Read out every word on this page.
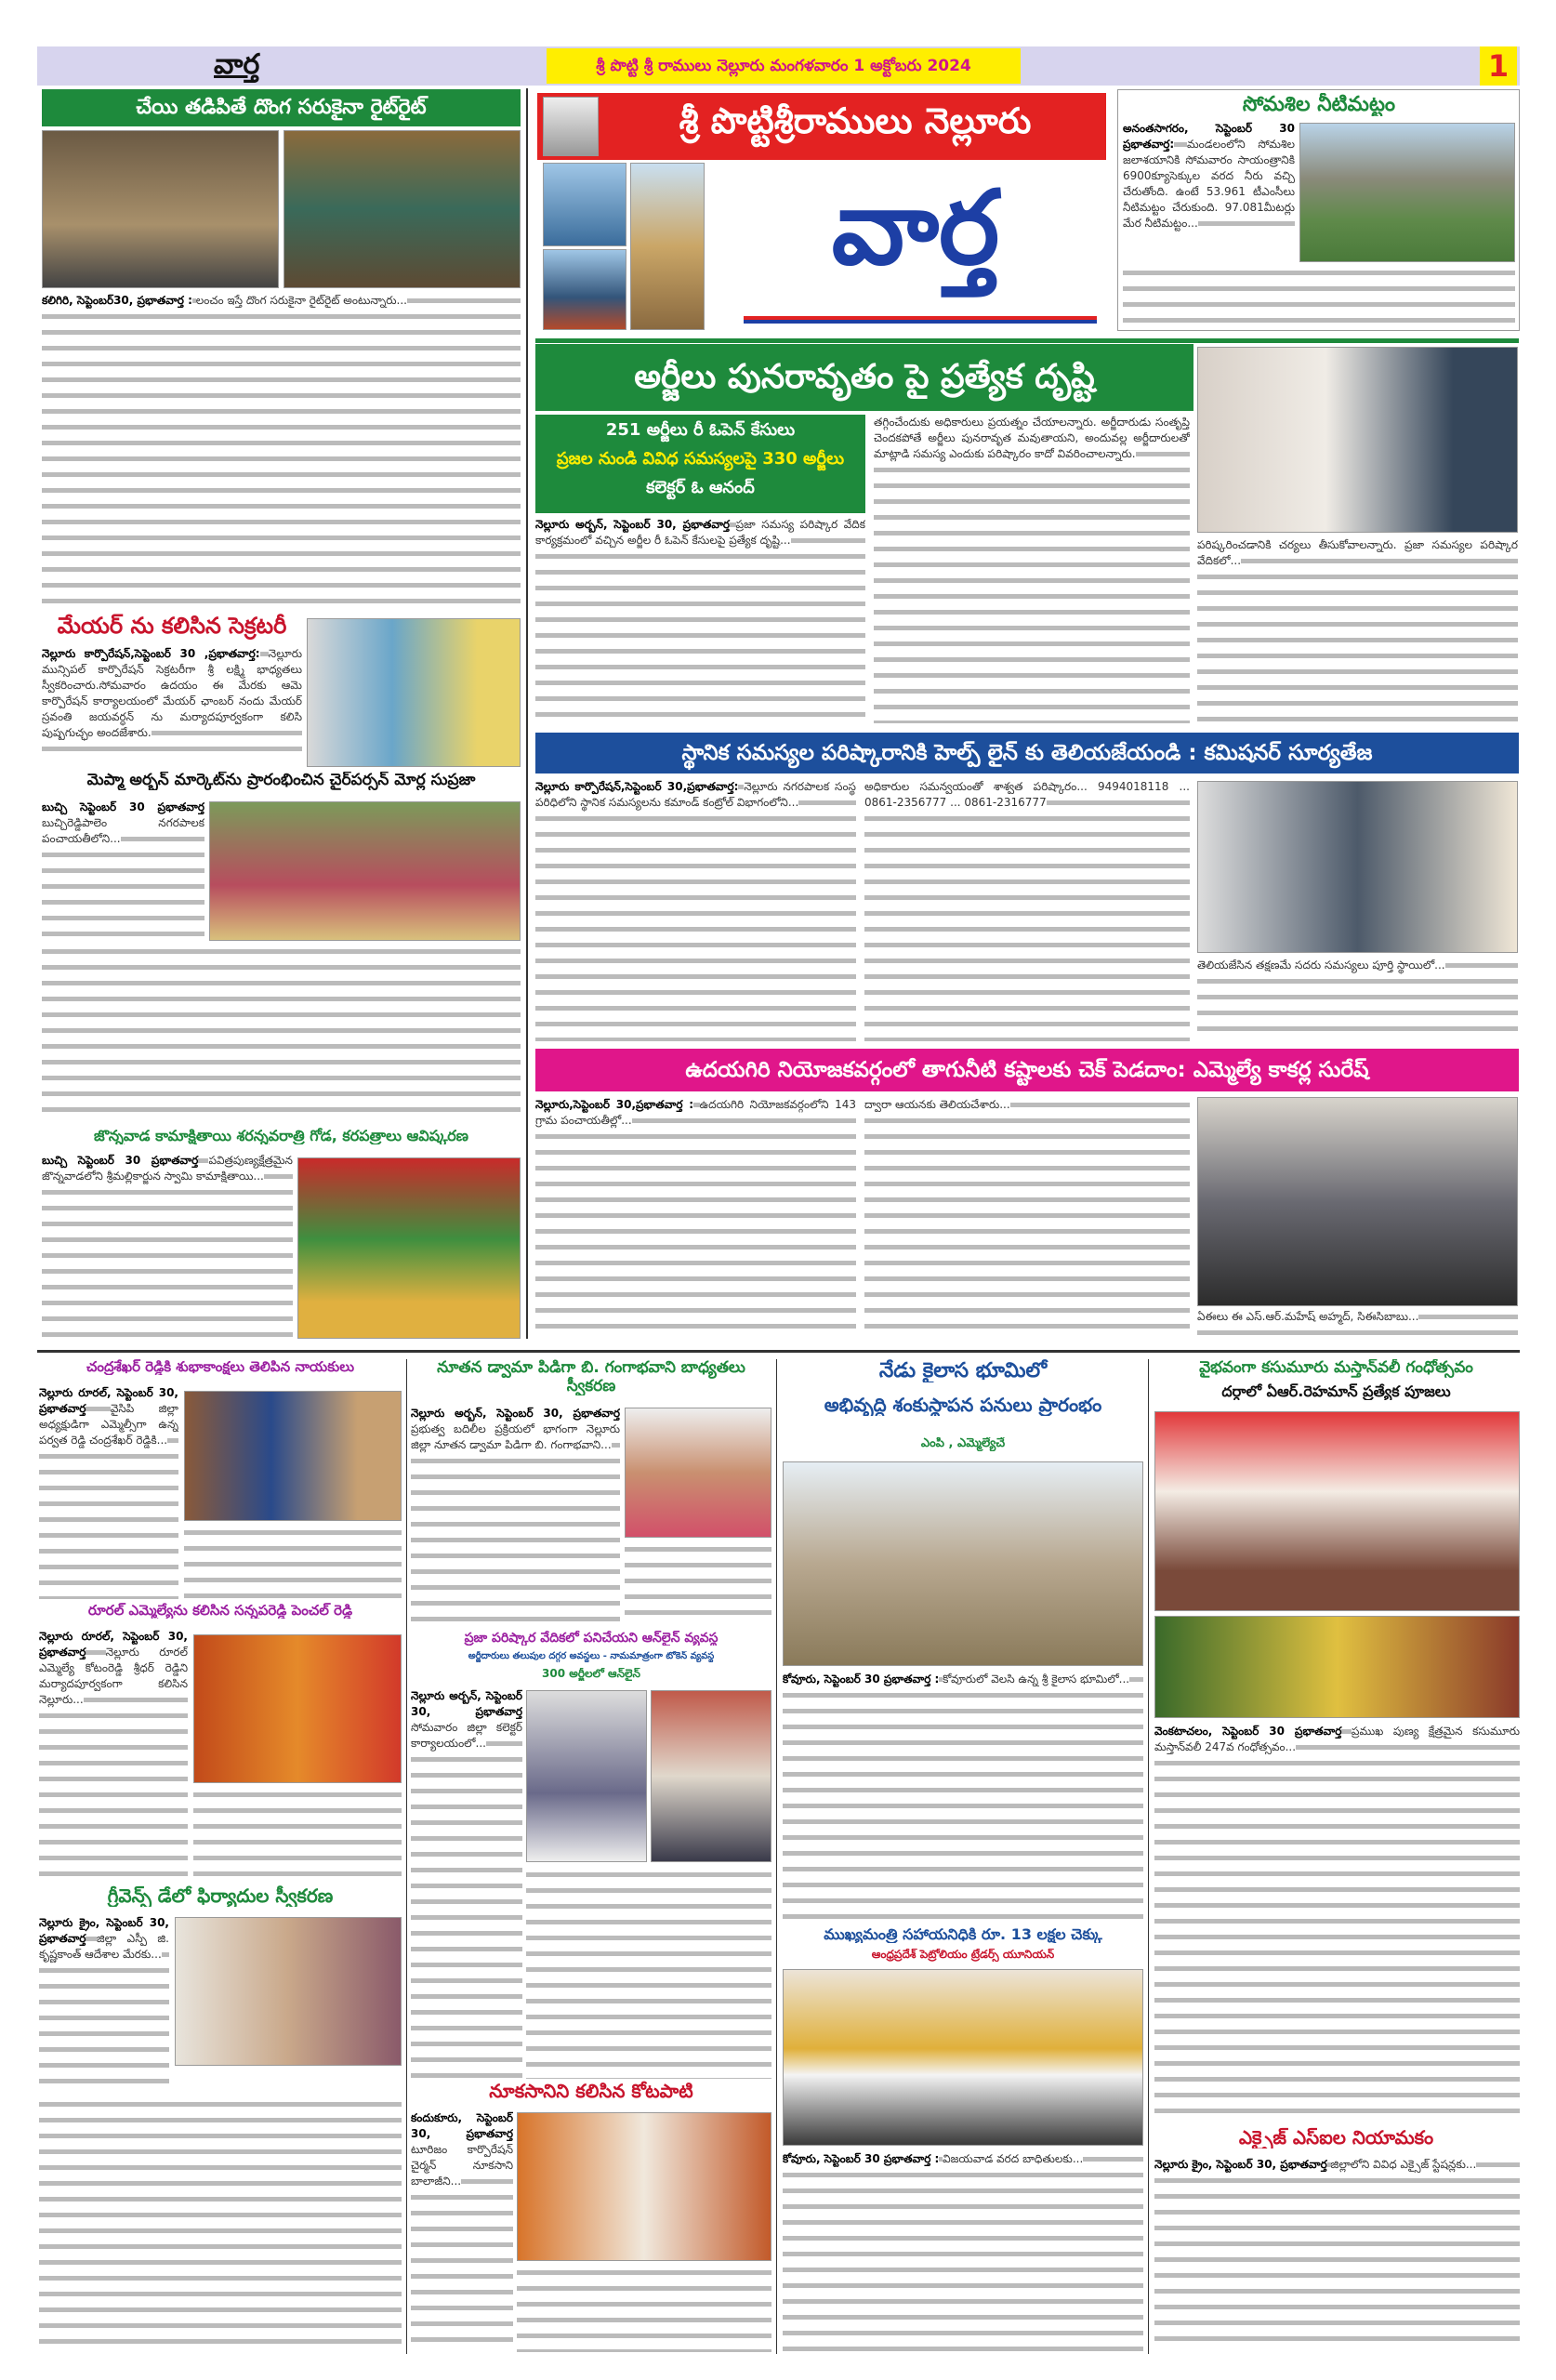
వార్త	శ్రీ పొట్టి శ్రీ రాములు నెల్లూరు మంగళవారం 1 అక్టోబరు 2024	1
చేయి తడిపితే దొంగ సరుకైనా రైట్‌రైట్
కలిగిరి, సెప్టెంబర్30, ప్రభాతవార్త : లంచం ఇస్తే దొంగ సరుకైనా రైట్‌రైట్ అంటున్నారు...
మేయర్ ను కలిసిన సెక్రటరీ
నెల్లూరు కార్పొరేషన్,సెప్టెంబర్ 30 ,ప్రభాతవార్త: నెల్లూరు మున్సిపల్ కార్పొరేషన్ సెక్రటరీగా శ్రీ లక్ష్మి భాధ్యతలు స్వీకరించారు.సోమవారం ఉదయం ఈ మేరకు ఆమె కార్పొరేషన్ కార్యాలయంలో మేయర్ ఛాంబర్ నందు మేయర్ స్రవంతి జయవర్ధన్ ను మర్యాదపూర్వకంగా కలిసి పుష్పగుచ్ఛం అందజేశారు.
మెప్మా అర్బన్ మార్కెట్‌ను ప్రారంభించిన చైర్‌పర్సన్ మోర్ల సుప్రజా
బుచ్చి సెప్టెంబర్ 30 ప్రభాతవార్త బుచ్చిరెడ్డిపాలెం నగరపాలక పంచాయతీలోని...
జొన్నవాడ కామాక్షితాయి శరన్నవరాత్రి గోడ, కరపత్రాలు ఆవిష్కరణ
బుచ్చి సెప్టెంబర్ 30 ప్రభాతవార్త పవిత్రపుణ్యక్షేత్రమైన జొన్నవాడలోని శ్రీమల్లికార్జున స్వామి కామాక్షితాయి...
శ్రీ పొట్టిశ్రీరాములు నెల్లూరు
వార్త
సోమశిల నీటిమట్టం
అనంతసాగరం, సెప్టెంబర్ 30 ప్రభాతవార్త: మండలంలోని సోమశిల జలాశయానికి సోమవారం సాయంత్రానికి 6900క్యూసెక్కుల వరద నీరు వచ్చి చేరుతోంది. ఉంటే 53.961 టీఎంసీలు నీటిమట్టం చేరుకుంది. 97.081మీటర్లు మేర నీటిమట్టం...
అర్జీలు పునరావృతం పై ప్రత్యేక దృష్టి
251 అర్జీలు రీ ఓపెన్ కేసులు
ప్రజల నుండి వివిధ సమస్యలపై 330 అర్జీలు
కలెక్టర్ ఓ ఆనంద్
నెల్లూరు అర్బన్, సెప్టెంబర్ 30, ప్రభాతవార్త ప్రజా సమస్య పరిష్కార వేదిక కార్యక్రమంలో వచ్చిన అర్జీల రీ ఓపెన్ కేసులపై ప్రత్యేక దృష్టి...
తగ్గించేందుకు అధికారులు ప్రయత్నం చేయాలన్నారు. అర్జీదారుడు సంతృప్తి చెందకపోతే అర్జీలు పునరావృత మవుతాయని, అందువల్ల అర్జీదారులతో మాట్లాడి సమస్య ఎందుకు పరిష్కారం కాదో వివరించాలన్నారు.
పరిష్కరించడానికి చర్యలు తీసుకోవాలన్నారు. ప్రజా సమస్యల పరిష్కార వేదికలో...
స్థానిక సమస్యల పరిష్కారానికి హెల్ప్ లైన్ కు తెలియజేయండి : కమిషనర్ సూర్యతేజ
నెల్లూరు కార్పొరేషన్,సెప్టెంబర్ 30,ప్రభాతవార్త: నెల్లూరు నగరపాలక సంస్థ పరిధిలోని స్థానిక సమస్యలను కమాండ్ కంట్రోల్ విభాగంలోని...
అధికారుల సమన్వయంతో శాశ్వత పరిష్కారం... 9494018118 ... 0861-2356777 ... 0861-2316777
తెలియజేసిన తక్షణమే సదరు సమస్యలు పూర్తి స్థాయిలో...
ఉదయగిరి నియోజకవర్గంలో తాగునీటి కష్టాలకు చెక్ పెడదాం: ఎమ్మెల్యే కాకర్ల సురేష్
నెల్లూరు,సెప్టెంబర్ 30,ప్రభాతవార్త : ఉదయగిరి నియోజకవర్గంలోని 143 గ్రామ పంచాయతీల్లో...
ద్వారా ఆయనకు తెలియచేశారు...
ఏఈలు ఈ ఎస్.ఆర్.మహేష్ అహ్మద్, సిఈసిబాబు...
చంద్రశేఖర్ రెడ్డికి శుభాకాంక్షలు తెలిపిన నాయకులు
నెల్లూరు రూరల్, సెప్టెంబర్ 30, ప్రభాతవార్త వైసిపి జిల్లా అధ్యక్షుడిగా ఎమ్మెల్సీగా ఉన్న పర్వత రెడ్డి చంద్రశేఖర్ రెడ్డికి...
రూరల్ ఎమ్మెల్యేను కలిసిన సన్నపరెడ్డి పెంచల్ రెడ్డి
నెల్లూరు రూరల్, సెప్టెంబర్ 30, ప్రభాతవార్త నెల్లూరు రూరల్ ఎమ్మెల్యే కోటంరెడ్డి శ్రీధర్ రెడ్డిని మర్యాదపూర్వకంగా కలిసిన నెల్లూరు...
గ్రీవెన్స్ డేలో ఫిర్యాదుల స్వీకరణ
నెల్లూరు క్రైం, సెప్టెంబర్ 30, ప్రభాతవార్త జిల్లా ఎస్పీ జి. కృష్ణకాంత్ ఆదేశాల మేరకు...
నూతన డ్వామా పిడిగా బి. గంగాభవాని బాధ్యతలు స్వీకరణ
నెల్లూరు అర్బన్, సెప్టెంబర్ 30, ప్రభాతవార్త ప్రభుత్వ బదిలీల ప్రక్రియలో భాగంగా నెల్లూరు జిల్లా నూతన డ్వామా పిడిగా బి. గంగాభవాని...
ప్రజా పరిష్కార వేదికలో పనిచేయని ఆన్‌లైన్ వ్యవస్థ
అర్జీదారులు తలుపుల దగ్గర అవస్థలు - నామమాత్రంగా టోకెన్ వ్యవస్థ
300 అర్జీలలో ఆన్‌లైన్
నెల్లూరు అర్బన్, సెప్టెంబర్ 30, ప్రభాతవార్త సోమవారం జిల్లా కలెక్టర్ కార్యాలయంలో...
నూకసానిని కలిసిన కోటపాటి
కందుకూరు, సెప్టెంబర్ 30, ప్రభాతవార్త టూరిజం కార్పొరేషన్ చైర్మన్ నూకసాని బాలాజీని...
నేడు కైలాస భూమిలో
అభివృద్ధి శంకుస్థాపన పనులు ప్రారంభం
ఎంపీ , ఎమ్మెల్యేచే
కోవూరు, సెప్టెంబర్ 30 ప్రభాతవార్త : కోవూరులో వెలసి ఉన్న శ్రీ కైలాస భూమిలో...
ముఖ్యమంత్రి సహాయనిధికి రూ. 13 లక్షల చెక్కు
ఆంధ్రప్రదేశ్ పెట్రోలియం ట్రేడర్స్ యూనియన్
కోవూరు, సెప్టెంబర్ 30 ప్రభాతవార్త : విజయవాడ వరద బాధితులకు...
వైభవంగా కసుమూరు మస్తాన్‌వలీ గంధోత్సవం
దర్గాలో ఏఆర్.రెహమాన్ ప్రత్యేక పూజలు
వెంకటాచలం, సెప్టెంబర్ 30 ప్రభాతవార్త ప్రముఖ పుణ్య క్షేత్రమైన కసుమూరు మస్తాన్‌వలీ 247వ గంధోత్సవం...
ఎక్సైజ్ ఎస్ఐల నియామకం
నెల్లూరు క్రైం, సెప్టెంబర్ 30, ప్రభాతవార్త జిల్లాలోని వివిధ ఎక్సైజ్ స్టేషన్లకు...
